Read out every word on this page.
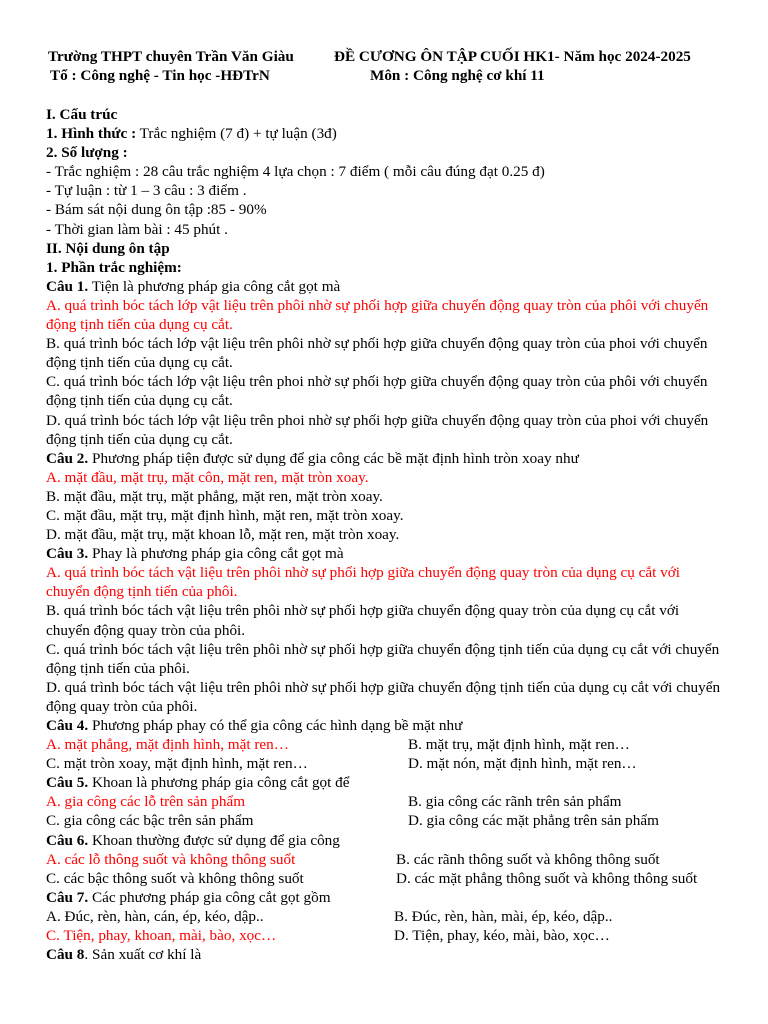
Trường THPT chuyên Trần Văn Giàu
Tổ : Công nghệ - Tin học -HĐTrN
ĐỀ CƯƠNG ÔN TẬP CUỐI HK1- Năm học 2024-2025
Môn : Công nghệ cơ khí 11

I. Cấu trúc

1. Hình thức : Trắc nghiệm (7 đ) + tự luận (3đ)

2. Số lượng :

- Trắc nghiệm : 28 câu trắc nghiệm 4 lựa chọn : 7 điểm ( mỗi câu đúng đạt 0.25 đ)

- Tự luận : từ 1 – 3 câu : 3 điểm .

- Bám sát nội dung ôn tập :85 - 90%

- Thời gian làm bài : 45 phút .

II. Nội dung ôn tập

1. Phần trắc nghiệm:

Câu 1. Tiện là phương pháp gia công cắt gọt mà

A. quá trình bóc tách lớp vật liệu trên phôi nhờ sự phối hợp giữa chuyển động quay tròn của phôi với chuyển động tịnh tiến của dụng cụ cắt.

B. quá trình bóc tách lớp vật liệu trên phôi nhờ sự phối hợp giữa chuyển động quay tròn của phoi với chuyển động tịnh tiến của dụng cụ cắt.

C. quá trình bóc tách lớp vật liệu trên phoi nhờ sự phối hợp giữa chuyển động quay tròn của phôi với chuyển động tịnh tiến của dụng cụ cắt.

D. quá trình bóc tách lớp vật liệu trên phoi nhờ sự phối hợp giữa chuyển động quay tròn của phoi với chuyển động tịnh tiến của dụng cụ cắt.

Câu 2. Phương pháp tiện được sử dụng để gia công các bề mặt định hình tròn xoay như

A. mặt đầu, mặt trụ, mặt côn, mặt ren, mặt tròn xoay.

B. mặt đầu, mặt trụ, mặt phẳng, mặt ren, mặt tròn xoay.

C. mặt đầu, mặt trụ, mặt định hình, mặt ren, mặt tròn xoay.

D. mặt đầu, mặt trụ, mặt khoan lỗ, mặt ren, mặt tròn xoay.

Câu 3. Phay là phương pháp gia công cắt gọt mà

A. quá trình bóc tách vật liệu trên phôi nhờ sự phối hợp giữa chuyển động quay tròn của dụng cụ cắt với chuyển động tịnh tiến của phôi.

B. quá trình bóc tách vật liệu trên phôi nhờ sự phối hợp giữa chuyển động quay tròn của dụng cụ cắt với chuyển động quay tròn của phôi.

C. quá trình bóc tách vật liệu trên phôi nhờ sự phối hợp giữa chuyển động tịnh tiến của dụng cụ cắt với chuyển động tịnh tiến của phôi.

D. quá trình bóc tách vật liệu trên phôi nhờ sự phối hợp giữa chuyển động tịnh tiến của dụng cụ cắt với chuyển động quay tròn của phôi.

Câu 4. Phương pháp phay có thể gia công các hình dạng bề mặt như

A. mặt phẳng, mặt định hình, mặt ren…	B. mặt trụ, mặt định hình, mặt ren…
C. mặt tròn xoay, mặt định hình, mặt ren…	D. mặt nón, mặt định hình, mặt ren…

Câu 5. Khoan là phương pháp gia công cắt gọt để

A. gia công các lỗ trên sản phẩm	B. gia công các rãnh trên sản phẩm
C. gia công các bậc trên sản phẩm	D. gia công các mặt phẳng trên sản phẩm

Câu 6. Khoan thường được sử dụng để gia công

A. các lỗ thông suốt và không thông suốt	B. các rãnh thông suốt và không thông suốt
C. các bậc thông suốt và không thông suốt	D. các mặt phẳng thông suốt và không thông suốt

Câu 7. Các phương pháp gia công cắt gọt gồm

A. Đúc, rèn, hàn, cán, ép, kéo, dập..	B. Đúc, rèn, hàn, mài, ép, kéo, dập..
C. Tiện, phay, khoan, mài, bào, xọc…	D. Tiện, phay, kéo, mài, bào, xọc…

Câu 8. Sản xuất cơ khí là
